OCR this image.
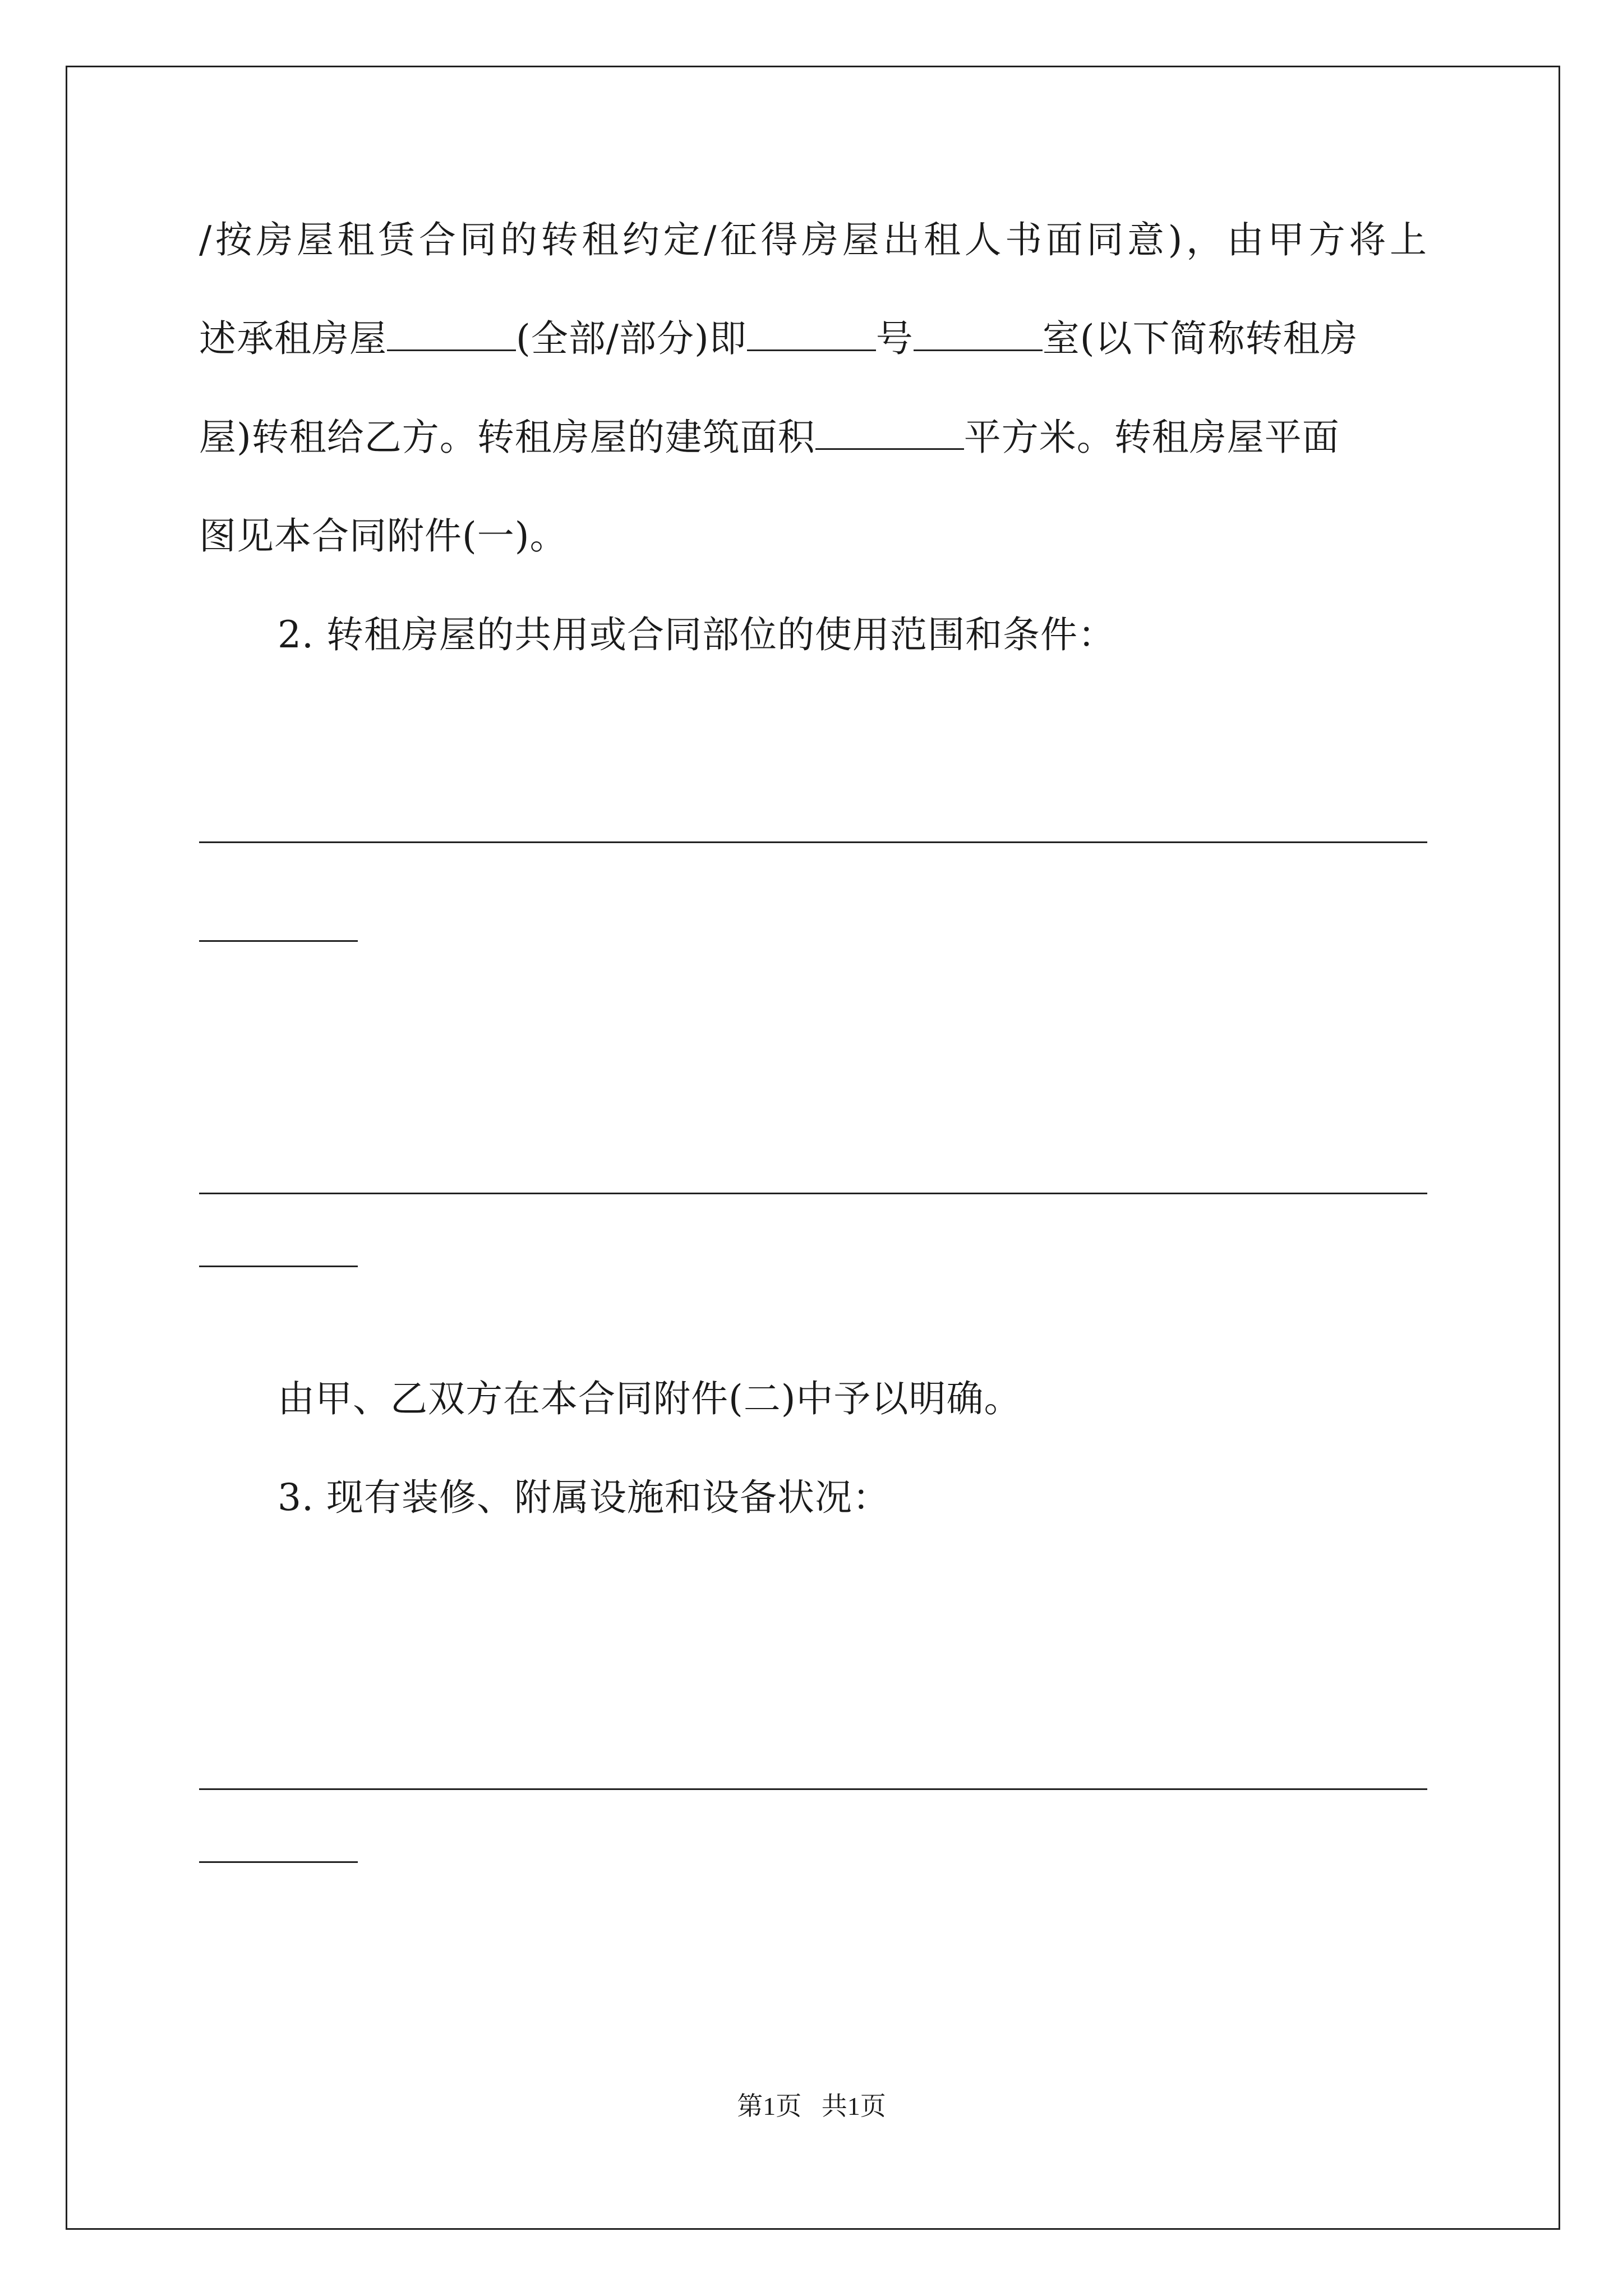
/按房屋租赁合同的转租约定/征得房屋出租人书面同意)，由甲方将上
述承租房屋	(全部/部分)即	号	室(以下简称转租房
屋)转租给乙方。转租房屋的建筑面积	平方米。转租房屋平面
图见本合同附件(一)。
2. 转租房屋的共用或合同部位的使用范围和条件：
由甲、乙双方在本合同附件(二)中予以明确。
3. 现有装修、附属设施和设备状况：
第1页 共1页
